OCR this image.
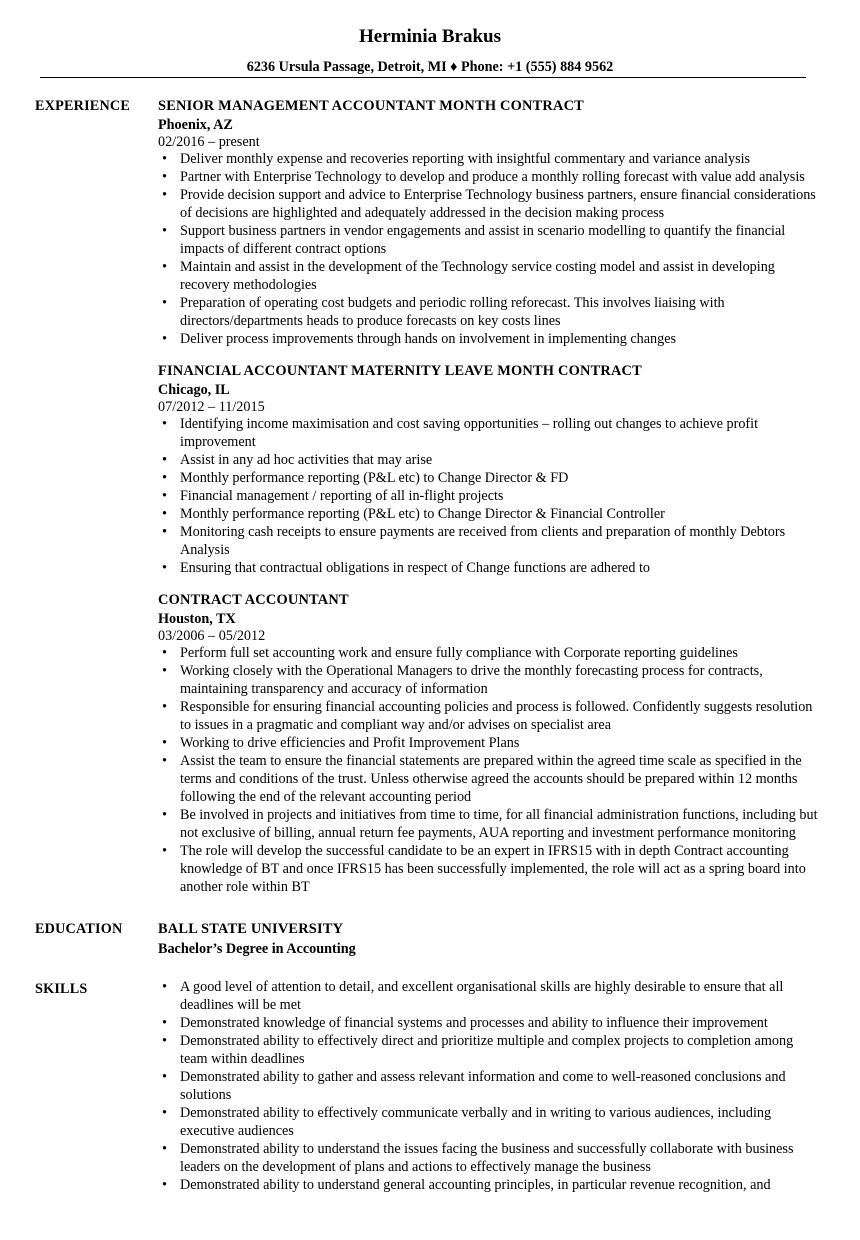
Herminia Brakus
6236 Ursula Passage, Detroit, MI ♦ Phone: +1 (555) 884 9562
EXPERIENCE SENIOR MANAGEMENT ACCOUNTANT MONTH CONTRACT
Phoenix, AZ
02/2016 – present
• Deliver monthly expense and recoveries reporting with insightful commentary and variance analysis
• Partner with Enterprise Technology to develop and produce a monthly rolling forecast with value add analysis
• Provide decision support and advice to Enterprise Technology business partners, ensure financial considerations of decisions are highlighted and adequately addressed in the decision making process
• Support business partners in vendor engagements and assist in scenario modelling to quantify the financial impacts of different contract options
• Maintain and assist in the development of the Technology service costing model and assist in developing recovery methodologies
• Preparation of operating cost budgets and periodic rolling reforecast. This involves liaising with directors/departments heads to produce forecasts on key costs lines
• Deliver process improvements through hands on involvement in implementing changes
FINANCIAL ACCOUNTANT MATERNITY LEAVE MONTH CONTRACT
Chicago, IL
07/2012 – 11/2015
• Identifying income maximisation and cost saving opportunities – rolling out changes to achieve profit improvement
• Assist in any ad hoc activities that may arise
• Monthly performance reporting (P&L etc) to Change Director & FD
• Financial management / reporting of all in-flight projects
• Monthly performance reporting (P&L etc) to Change Director & Financial Controller
• Monitoring cash receipts to ensure payments are received from clients and preparation of monthly Debtors Analysis
• Ensuring that contractual obligations in respect of Change functions are adhered to
CONTRACT ACCOUNTANT
Houston, TX
03/2006 – 05/2012
• Perform full set accounting work and ensure fully compliance with Corporate reporting guidelines
• Working closely with the Operational Managers to drive the monthly forecasting process for contracts, maintaining transparency and accuracy of information
• Responsible for ensuring financial accounting policies and process is followed. Confidently suggests resolution to issues in a pragmatic and compliant way and/or advises on specialist area
• Working to drive efficiencies and Profit Improvement Plans
• Assist the team to ensure the financial statements are prepared within the agreed time scale as specified in the terms and conditions of the trust. Unless otherwise agreed the accounts should be prepared within 12 months following the end of the relevant accounting period
• Be involved in projects and initiatives from time to time, for all financial administration functions, including but not exclusive of billing, annual return fee payments, AUA reporting and investment performance monitoring
• The role will develop the successful candidate to be an expert in IFRS15 with in depth Contract accounting knowledge of BT and once IFRS15 has been successfully implemented, the role will act as a spring board into another role within BT
EDUCATION BALL STATE UNIVERSITY
Bachelor’s Degree in Accounting
SKILLS	• A good level of attention to detail, and excellent organisational skills are highly desirable to ensure that all deadlines will be met
• Demonstrated knowledge of financial systems and processes and ability to influence their improvement
• Demonstrated ability to effectively direct and prioritize multiple and complex projects to completion among team within deadlines
• Demonstrated ability to gather and assess relevant information and come to well-reasoned conclusions and solutions
• Demonstrated ability to effectively communicate verbally and in writing to various audiences, including executive audiences
• Demonstrated ability to understand the issues facing the business and successfully collaborate with business leaders on the development of plans and actions to effectively manage the business
• Demonstrated ability to understand general accounting principles, in particular revenue recognition, and
